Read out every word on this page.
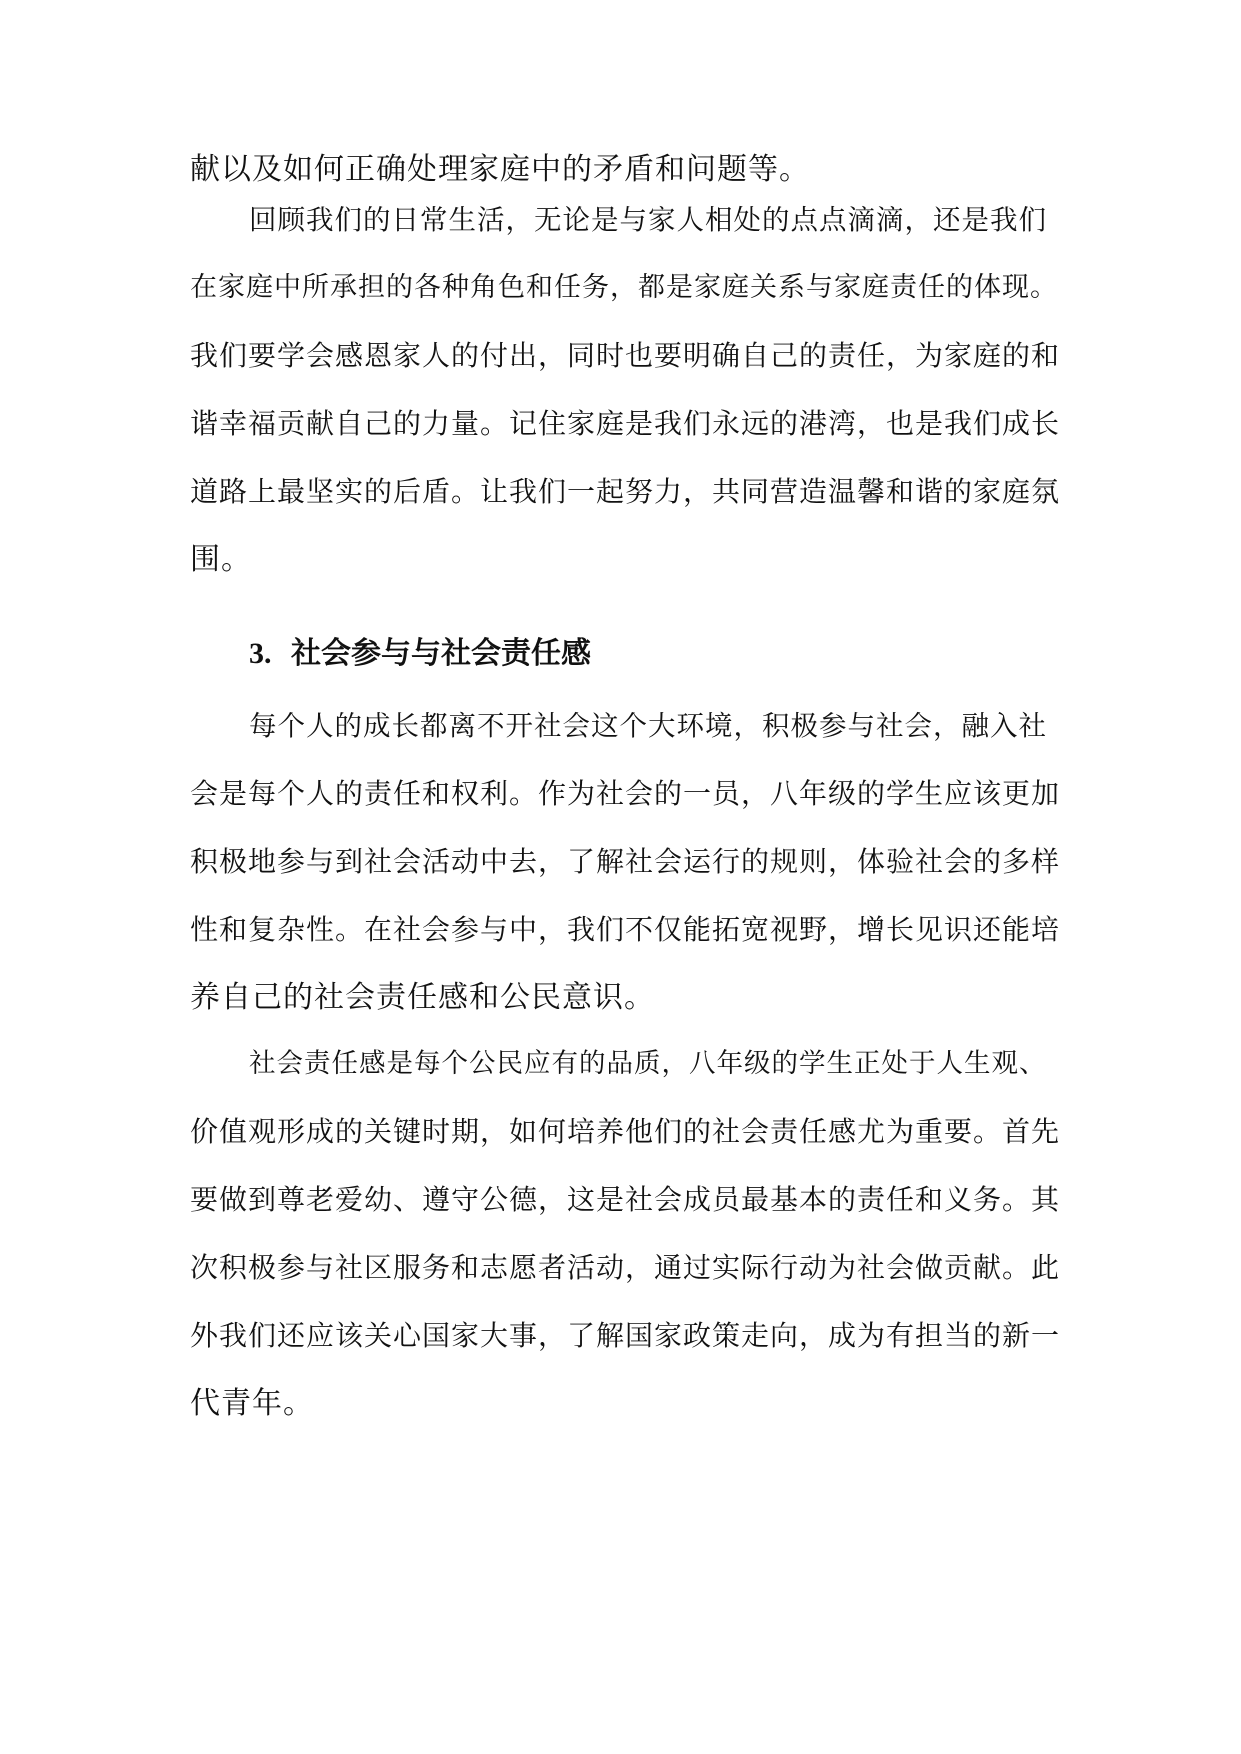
献以及如何正确处理家庭中的矛盾和问题等。
回顾我们的日常生活，无论是与家人相处的点点滴滴，还是我们
在家庭中所承担的各种角色和任务，都是家庭关系与家庭责任的体现。
我们要学会感恩家人的付出，同时也要明确自己的责任，为家庭的和
谐幸福贡献自己的力量。记住家庭是我们永远的港湾，也是我们成长
道路上最坚实的后盾。让我们一起努力，共同营造温馨和谐的家庭氛
围。
3. 社会参与与社会责任感
每个人的成长都离不开社会这个大环境，积极参与社会，融入社
会是每个人的责任和权利。作为社会的一员，八年级的学生应该更加
积极地参与到社会活动中去，了解社会运行的规则，体验社会的多样
性和复杂性。在社会参与中，我们不仅能拓宽视野，增长见识还能培
养自己的社会责任感和公民意识。
社会责任感是每个公民应有的品质，八年级的学生正处于人生观、
价值观形成的关键时期，如何培养他们的社会责任感尤为重要。首先
要做到尊老爱幼、遵守公德，这是社会成员最基本的责任和义务。其
次积极参与社区服务和志愿者活动，通过实际行动为社会做贡献。此
外我们还应该关心国家大事，了解国家政策走向，成为有担当的新一
代青年。
